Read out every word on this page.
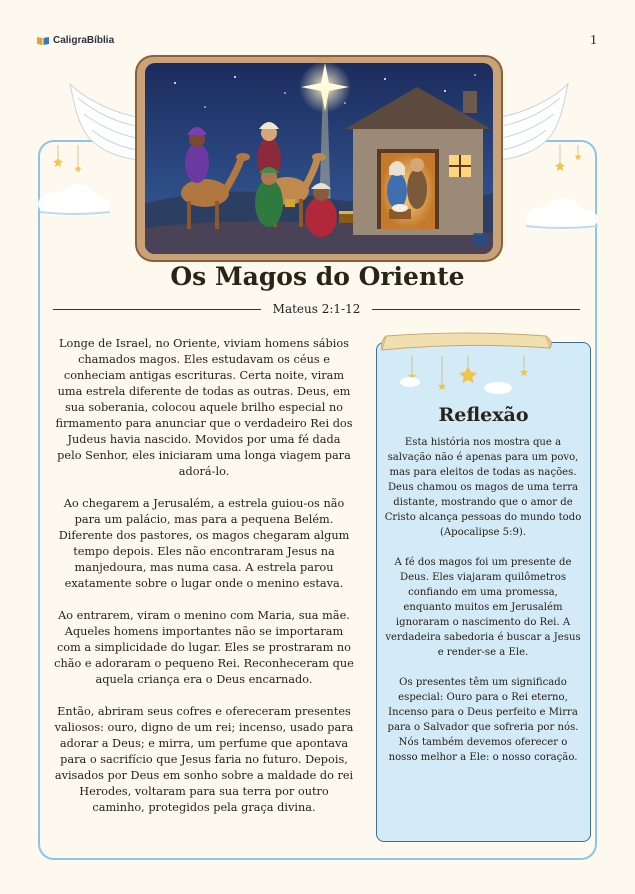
CaligraBíblia	1
Os Magos do Oriente
Mateus 2:1-12

Longe de Israel, no Oriente, viviam homens sábios chamados magos. Eles estudavam os céus e conheciam antigas escrituras. Certa noite, viram uma estrela diferente de todas as outras. Deus, em sua soberania, colocou aquele brilho especial no firmamento para anunciar que o verdadeiro Rei dos Judeus havia nascido. Movidos por uma fé dada pelo Senhor, eles iniciaram uma longa viagem para adorá-lo.

Ao chegarem a Jerusalém, a estrela guiou-os não para um palácio, mas para a pequena Belém. Diferente dos pastores, os magos chegaram algum tempo depois. Eles não encontraram Jesus na manjedoura, mas numa casa. A estrela parou exatamente sobre o lugar onde o menino estava.

Ao entrarem, viram o menino com Maria, sua mãe. Aqueles homens importantes não se importaram com a simplicidade do lugar. Eles se prostraram no chão e adoraram o pequeno Rei. Reconheceram que aquela criança era o Deus encarnado.

Então, abriram seus cofres e ofereceram presentes valiosos: ouro, digno de um rei; incenso, usado para adorar a Deus; e mirra, um perfume que apontava para o sacrifício que Jesus faria no futuro. Depois, avisados por Deus em sonho sobre a maldade do rei Herodes, voltaram para sua terra por outro caminho, protegidos pela graça divina.

Reflexão

Esta história nos mostra que a salvação não é apenas para um povo, mas para eleitos de todas as nações. Deus chamou os magos de uma terra distante, mostrando que o amor de Cristo alcança pessoas do mundo todo (Apocalipse 5:9).

A fé dos magos foi um presente de Deus. Eles viajaram quilômetros confiando em uma promessa, enquanto muitos em Jerusalém ignoraram o nascimento do Rei. A verdadeira sabedoria é buscar a Jesus e render-se a Ele.

Os presentes têm um significado especial: Ouro para o Rei eterno, Incenso para o Deus perfeito e Mirra para o Salvador que sofreria por nós. Nós também devemos oferecer o nosso melhor a Ele: o nosso coração.
